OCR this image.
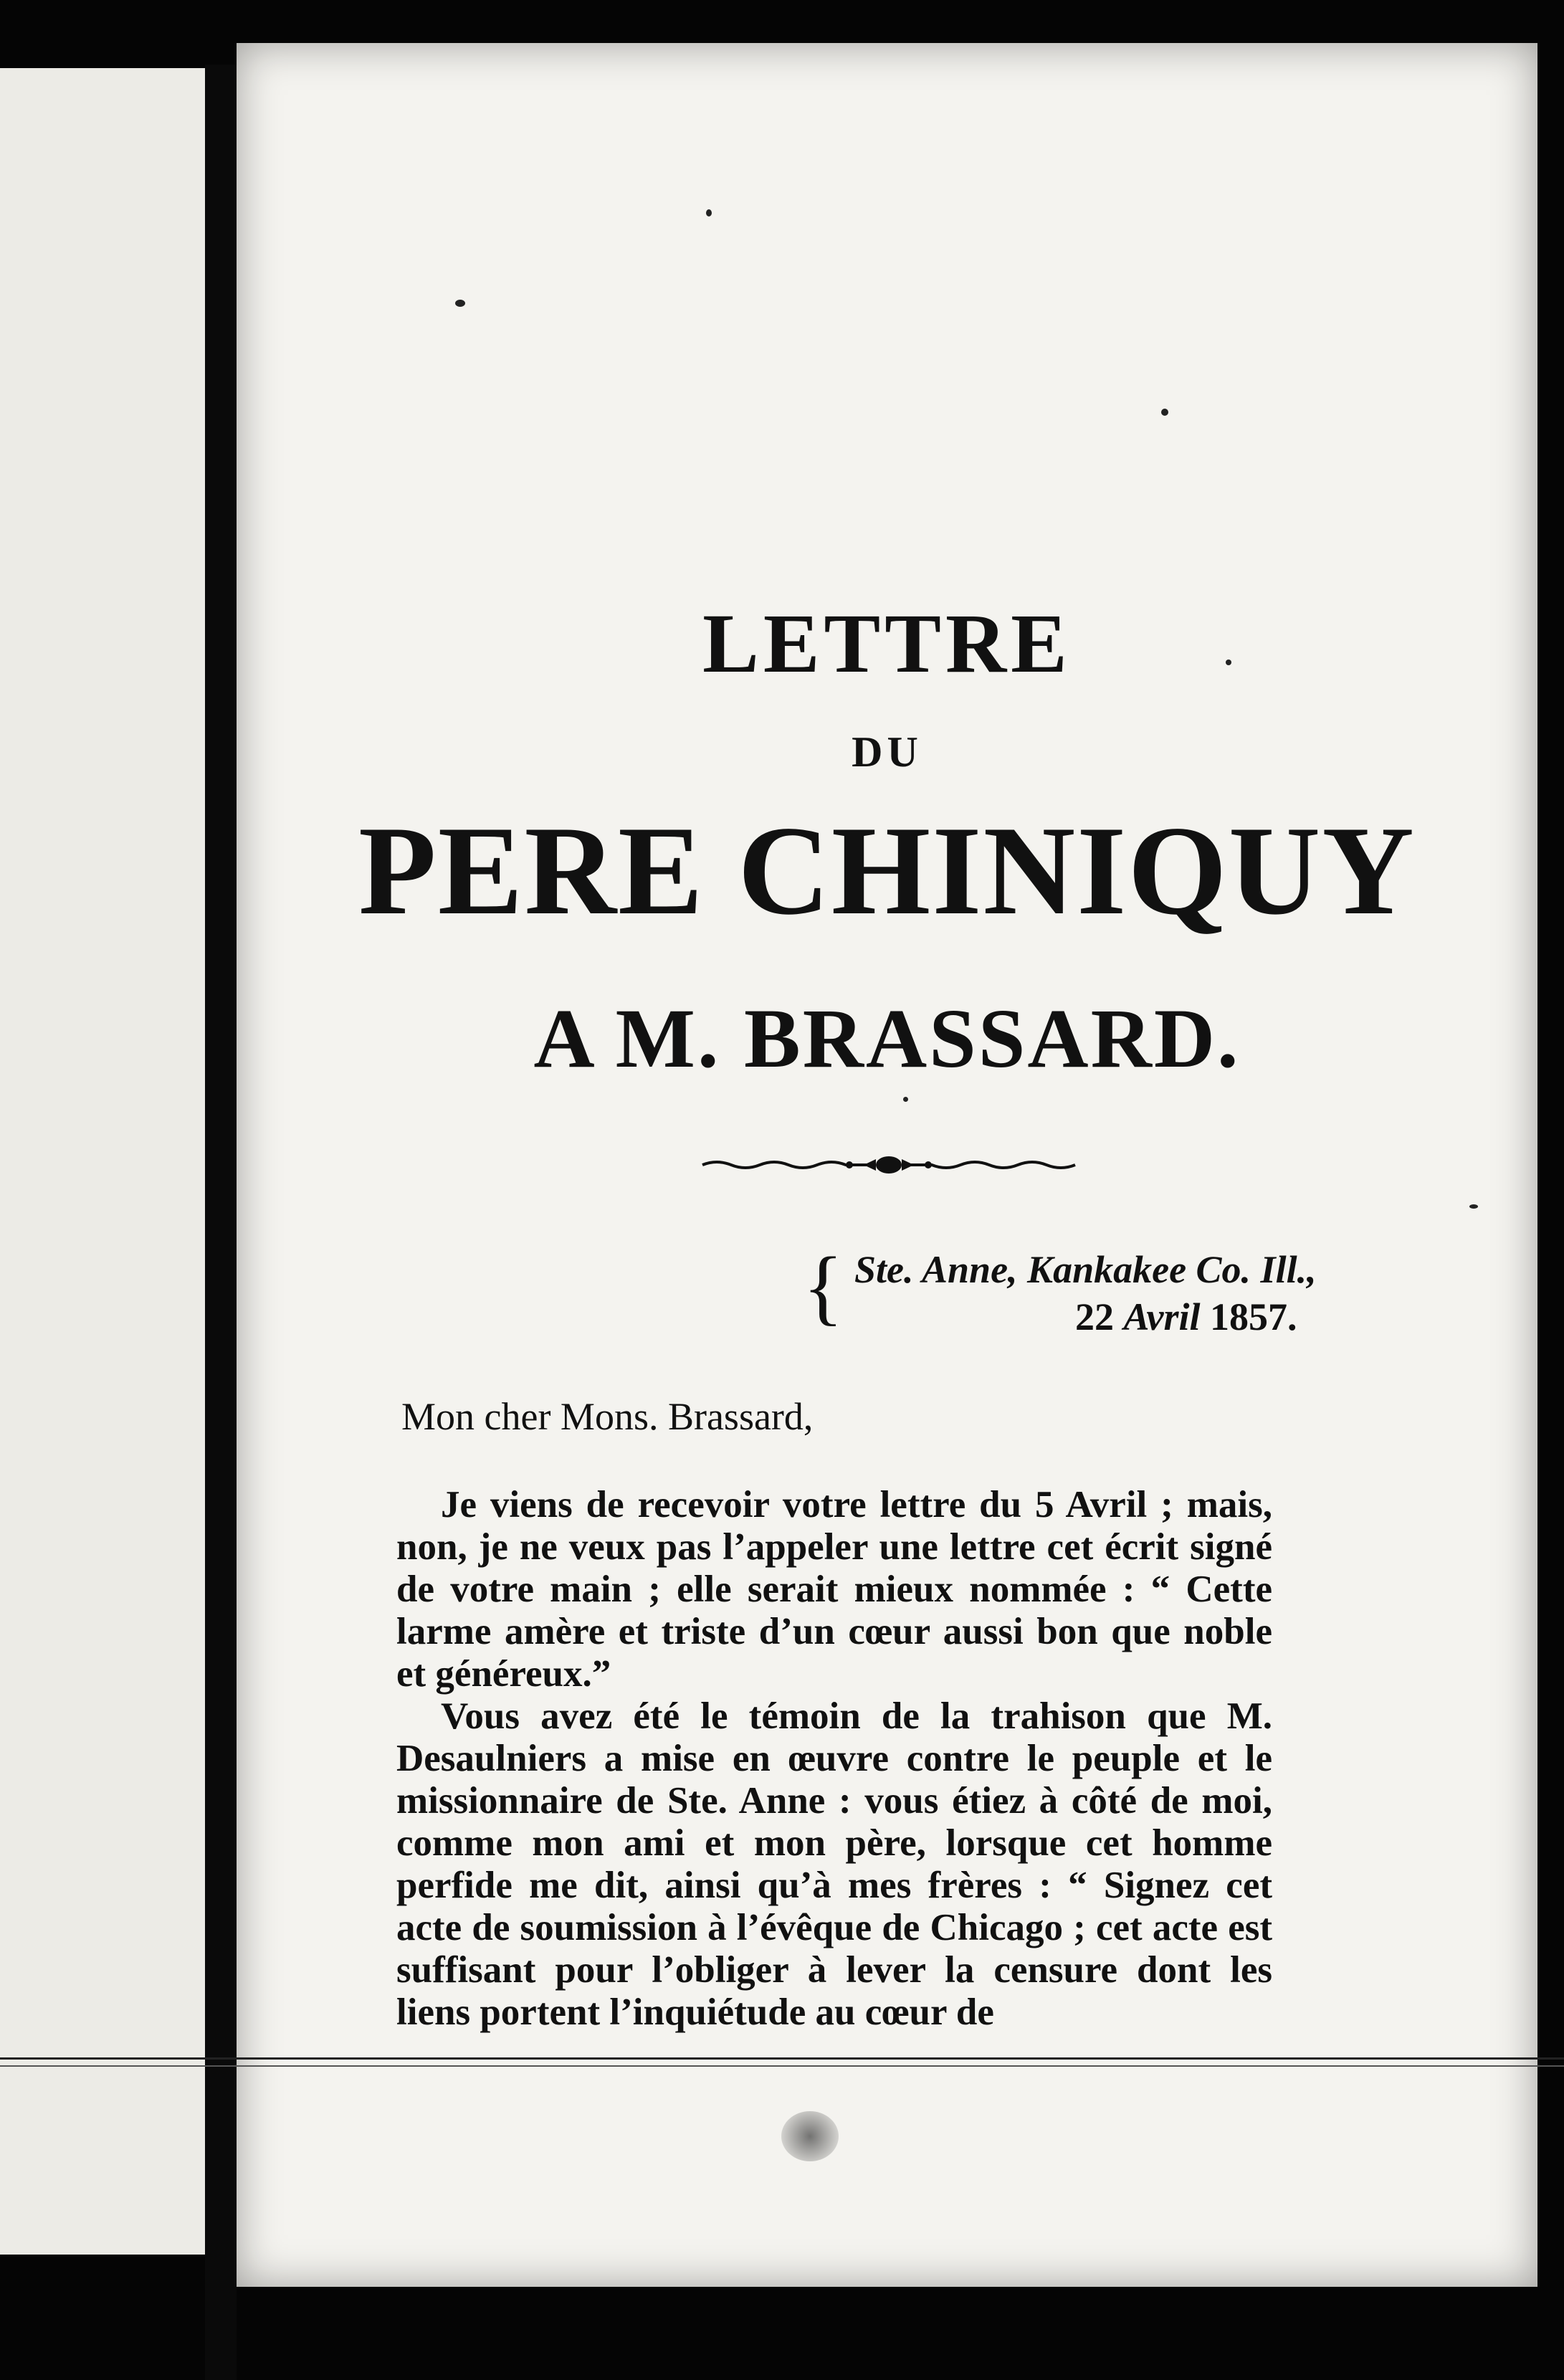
LETTRE
DU
PERE CHINIQUY
A M. BRASSARD.
{ Ste. Anne, Kankakee Co. Ill.,
22 Avril 1857.
Mon cher Mons. Brassard,

Je viens de recevoir votre lettre du 5 Avril ; mais, non, je ne veux pas l’appeler une lettre cet écrit signé de votre main ; elle serait mieux nommée : “ Cette larme amère et triste d’un cœur aussi bon que noble et généreux.”

Vous avez été le témoin de la trahison que M. Desaulniers a mise en œuvre contre le peuple et le missionnaire de Ste. Anne : vous étiez à côté de moi, comme mon ami et mon père, lorsque cet homme perfide me dit, ainsi qu’à mes frères : “ Signez cet acte de soumission à l’évêque de Chicago ; cet acte est suffisant pour l’obliger à lever la censure dont les liens portent l’inquiétude au cœur de
